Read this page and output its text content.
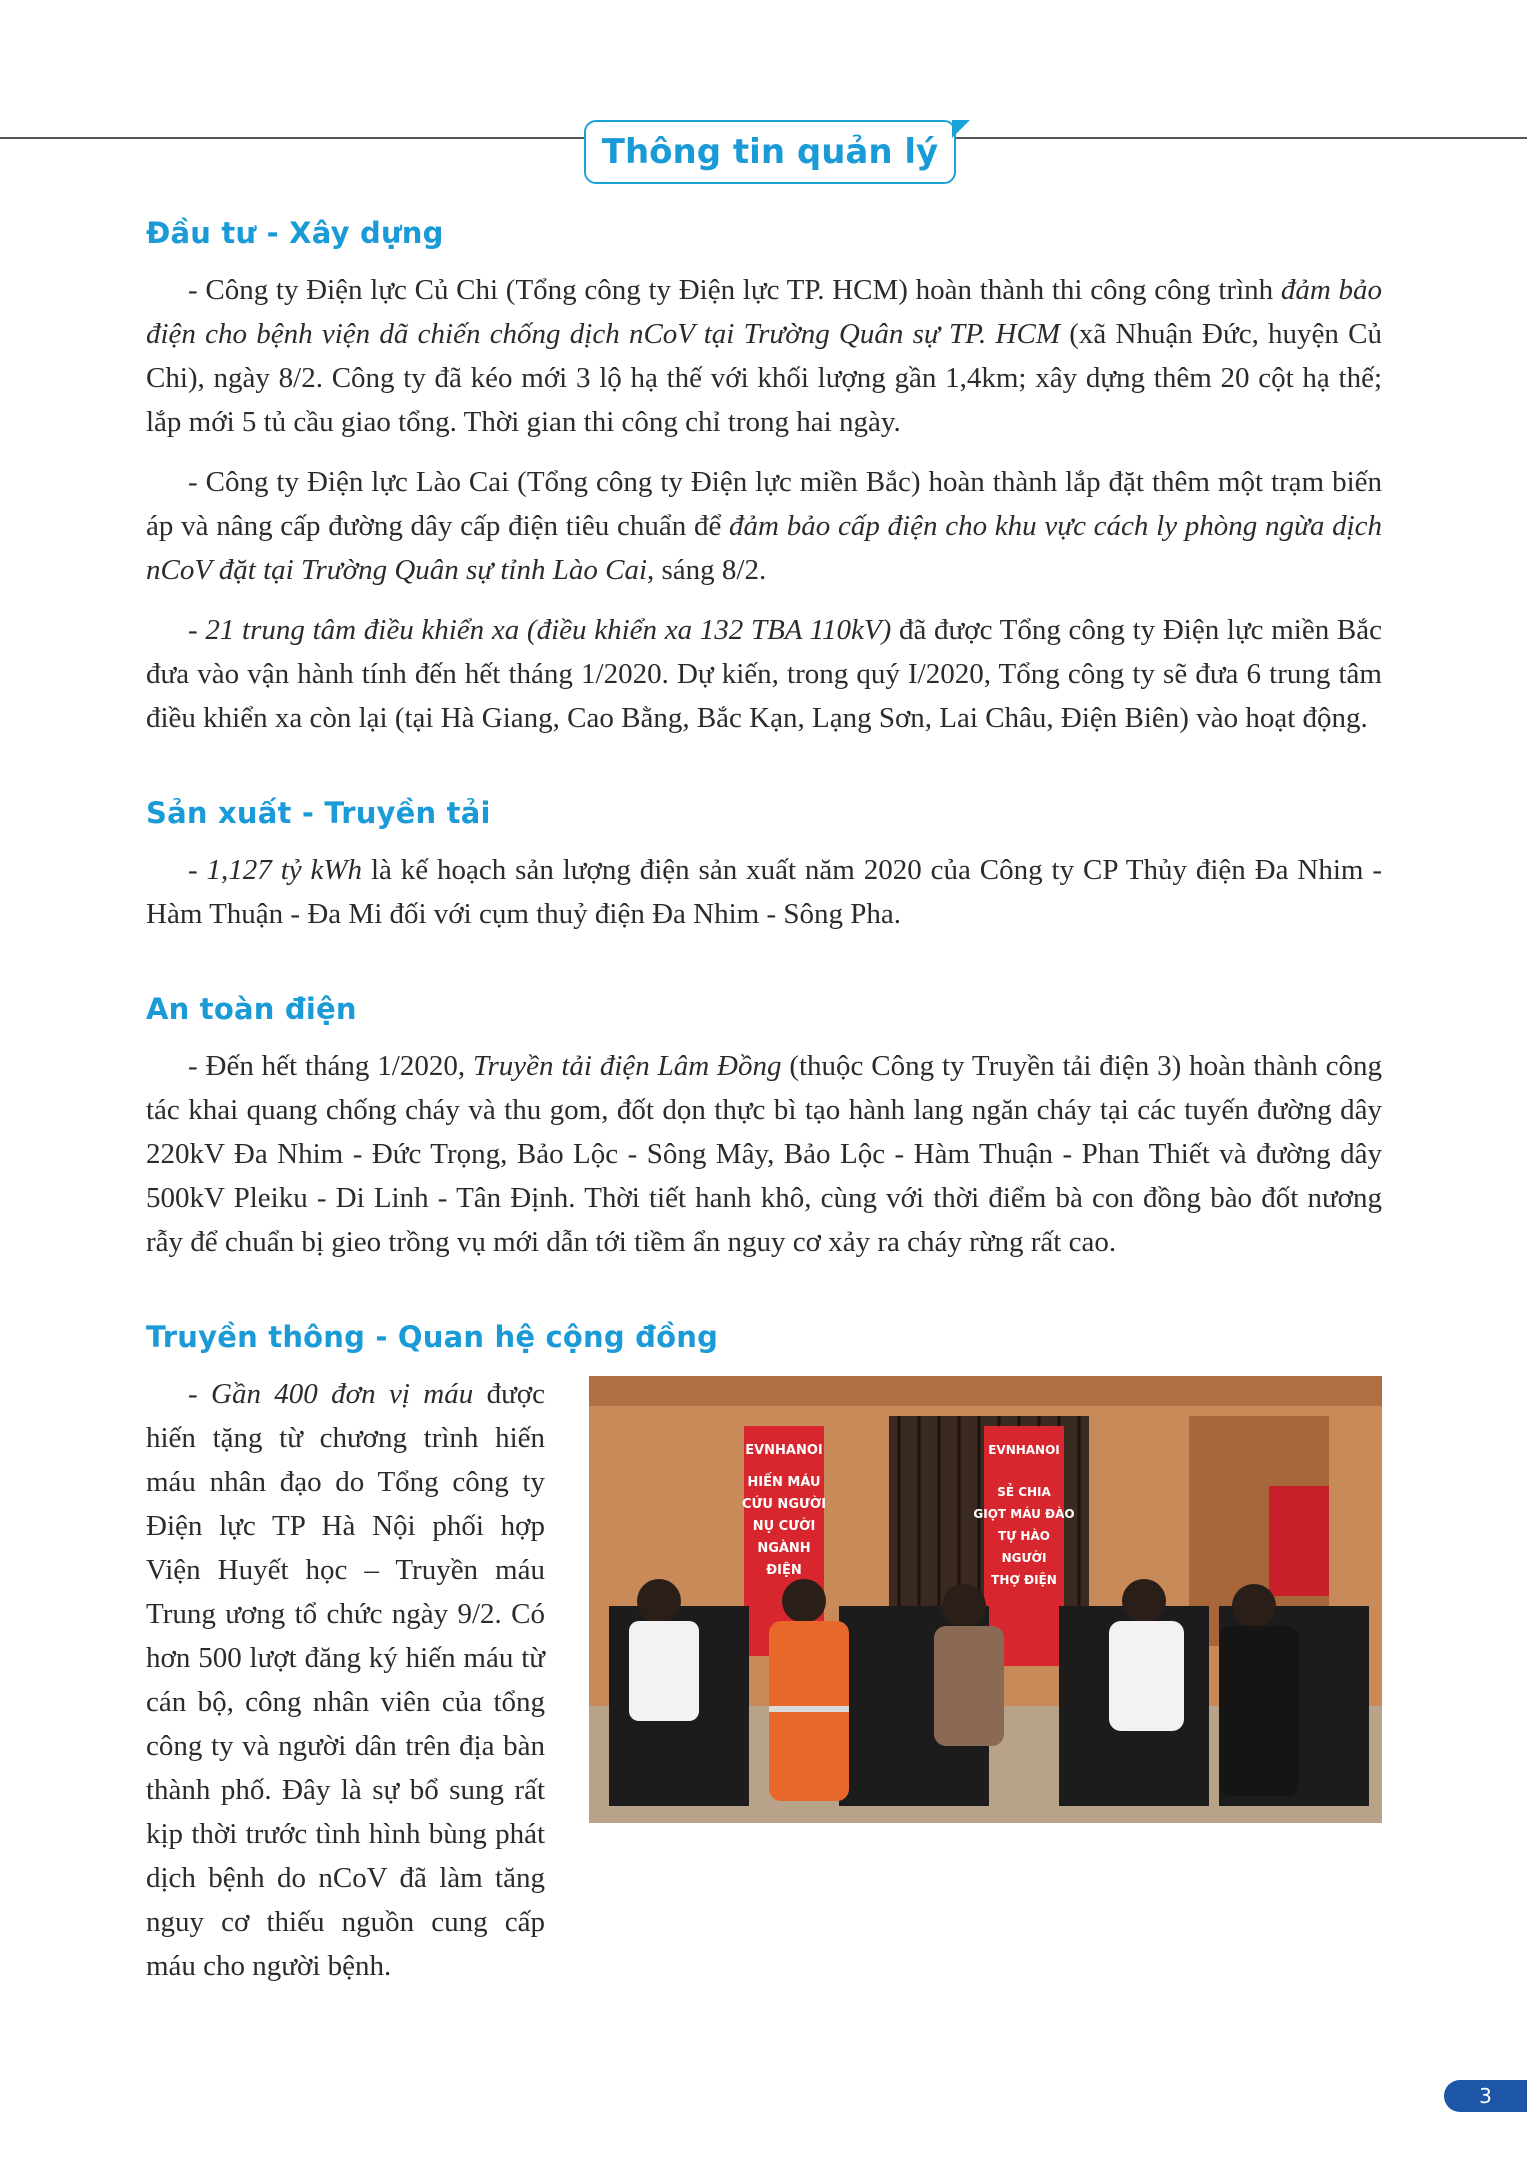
Thông tin quản lý
Đầu tư - Xây dựng

- Công ty Điện lực Củ Chi (Tổng công ty Điện lực TP. HCM) hoàn thành thi công công trình đảm bảo điện cho bệnh viện dã chiến chống dịch nCoV tại Trường Quân sự TP. HCM (xã Nhuận Đức, huyện Củ Chi), ngày 8/2. Công ty đã kéo mới 3 lộ hạ thế với khối lượng gần 1,4km; xây dựng thêm 20 cột hạ thế; lắp mới 5 tủ cầu giao tổng. Thời gian thi công chỉ trong hai ngày.

- Công ty Điện lực Lào Cai (Tổng công ty Điện lực miền Bắc) hoàn thành lắp đặt thêm một trạm biến áp và nâng cấp đường dây cấp điện tiêu chuẩn để đảm bảo cấp điện cho khu vực cách ly phòng ngừa dịch nCoV đặt tại Trường Quân sự tỉnh Lào Cai, sáng 8/2.

- 21 trung tâm điều khiển xa (điều khiển xa 132 TBA 110kV) đã được Tổng công ty Điện lực miền Bắc đưa vào vận hành tính đến hết tháng 1/2020. Dự kiến, trong quý I/2020, Tổng công ty sẽ đưa 6 trung tâm điều khiển xa còn lại (tại Hà Giang, Cao Bằng, Bắc Kạn, Lạng Sơn, Lai Châu, Điện Biên) vào hoạt động.

Sản xuất - Truyền tải

- 1,127 tỷ kWh là kế hoạch sản lượng điện sản xuất năm 2020 của Công ty CP Thủy điện Đa Nhim - Hàm Thuận - Đa Mi đối với cụm thuỷ điện Đa Nhim - Sông Pha.

An toàn điện

- Đến hết tháng 1/2020, Truyền tải điện Lâm Đồng (thuộc Công ty Truyền tải điện 3) hoàn thành công tác khai quang chống cháy và thu gom, đốt dọn thực bì tạo hành lang ngăn cháy tại các tuyến đường dây 220kV Đa Nhim - Đức Trọng, Bảo Lộc - Sông Mây, Bảo Lộc - Hàm Thuận - Phan Thiết và đường dây 500kV Pleiku - Di Linh - Tân Định. Thời tiết hanh khô, cùng với thời điểm bà con đồng bào đốt nương rẫy để chuẩn bị gieo trồng vụ mới dẫn tới tiềm ẩn nguy cơ xảy ra cháy rừng rất cao.

Truyền thông - Quan hệ cộng đồng

- Gần 400 đơn vị máu được hiến tặng từ chương trình hiến máu nhân đạo do Tổng công ty Điện lực TP Hà Nội phối hợp Viện Huyết học – Truyền máu Trung ương tổ chức ngày 9/2. Có hơn 500 lượt đăng ký hiến máu từ cán bộ, công nhân viên của tổng công ty và người dân trên địa bàn thành phố. Đây là sự bổ sung rất kịp thời trước tình hình bùng phát dịch bệnh do nCoV đã làm tăng nguy cơ thiếu nguồn cung cấp máu cho người bệnh.

EVNHANOI
HIẾN MÁU
CỨU NGƯỜI
NỤ CƯỜI
NGÀNH
ĐIỆN
EVNHANOI
SẺ CHIA
GIỌT MÁU ĐÀO
TỰ HÀO
NGƯỜI
THỢ ĐIỆN
3
